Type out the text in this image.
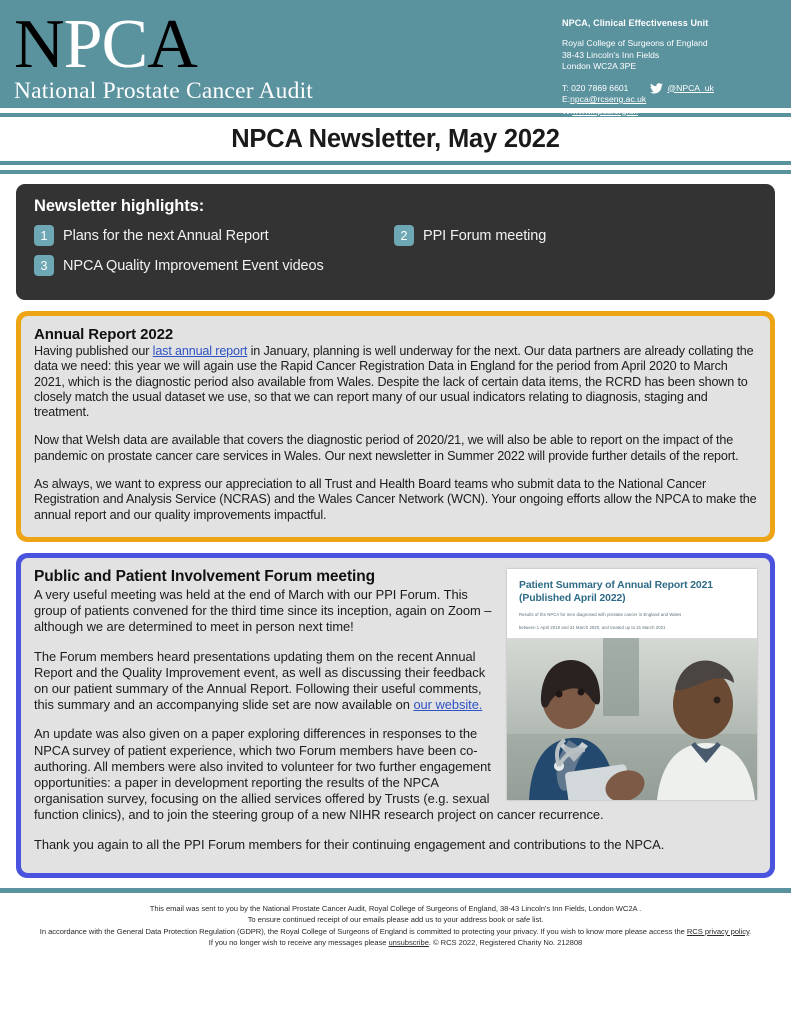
NPCA
National Prostate Cancer Audit
NPCA, Clinical Effectiveness Unit
Royal College of Surgeons of England
38-43 Lincoln's Inn Fields
London WC2A 3PE
T: 020 7869 6601	@NPCA_uk
E: npca@rcseng.ac.uk
W: www.npca.org.uk
NPCA Newsletter, May 2022
Newsletter highlights:
1	Plans for the next Annual Report	2	PPI Forum meeting
3	NPCA Quality Improvement Event videos
Annual Report 2022

Having published our last annual report in January, planning is well underway for the next. Our data partners are already collating the data we need: this year we will again use the Rapid Cancer Registration Data in England for the period from April 2020 to March 2021, which is the diagnostic period also available from Wales. Despite the lack of certain data items, the RCRD has been shown to closely match the usual dataset we use, so that we can report many of our usual indicators relating to diagnosis, staging and treatment.

Now that Welsh data are available that covers the diagnostic period of 2020/21, we will also be able to report on the impact of the pandemic on prostate cancer care services in Wales. Our next newsletter in Summer 2022 will provide further details of the report.

As always, we want to express our appreciation to all Trust and Health Board teams who submit data to the National Cancer Registration and Analysis Service (NCRAS) and the Wales Cancer Network (WCN). Your ongoing efforts allow the NPCA to make the annual report and our quality improvements impactful.

Patient Summary of Annual Report 2021
(Published April 2022)
Results of the NPCA for men diagnosed with prostate cancer in England and Wales
between 1 April 2019 and 31 March 2020, and treated up to 31 March 2021
Public and Patient Involvement Forum meeting

A very useful meeting was held at the end of March with our PPI Forum. This group of patients convened for the third time since its inception, again on Zoom – although we are determined to meet in person next time!

The Forum members heard presentations updating them on the recent Annual Report and the Quality Improvement event, as well as discussing their feedback on our patient summary of the Annual Report. Following their useful comments, this summary and an accompanying slide set are now available on our website.

An update was also given on a paper exploring differences in responses to the NPCA survey of patient experience, which two Forum members have been co-authoring. All members were also invited to volunteer for two further engagement opportunities: a paper in development reporting the results of the NPCA organisation survey, focusing on the allied services offered by Trusts (e.g. sexual function clinics), and to join the steering group of a new NIHR research project on cancer recurrence.

Thank you again to all the PPI Forum members for their continuing engagement and contributions to the NPCA.

This email was sent to you by the National Prostate Cancer Audit, Royal College of Surgeons of England, 38-43 Lincoln's Inn Fields, London WC2A .
To ensure continued receipt of our emails please add us to your address book or safe list.
In accordance with the General Data Protection Regulation (GDPR), the Royal College of Surgeons of England is committed to protecting your privacy. If you wish to know more please access the RCS privacy policy.
If you no longer wish to receive any messages please unsubscribe. © RCS 2022, Registered Charity No. 212808
